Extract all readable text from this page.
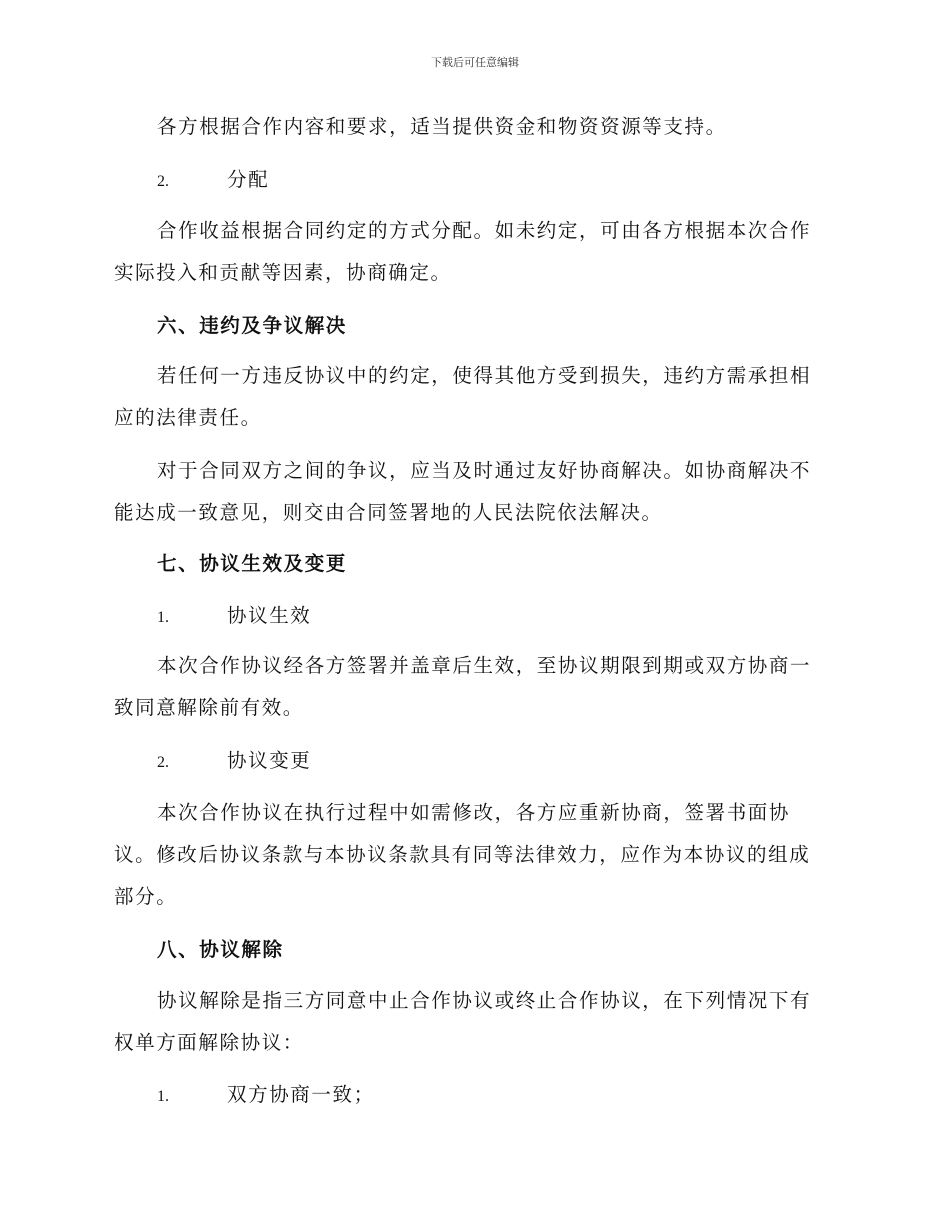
下载后可任意编辑
各方根据合作内容和要求，适当提供资金和物资资源等支持。
2.	分配
合作收益根据合同约定的方式分配。如未约定，可由各方根据本次合作实际投入和贡献等因素，协商确定。
六、违约及争议解决
若任何一方违反协议中的约定，使得其他方受到损失，违约方需承担相应的法律责任。
对于合同双方之间的争议，应当及时通过友好协商解决。如协商解决不能达成一致意见，则交由合同签署地的人民法院依法解决。
七、协议生效及变更
1.	协议生效
本次合作协议经各方签署并盖章后生效，至协议期限到期或双方协商一致同意解除前有效。
2.	协议变更
本次合作协议在执行过程中如需修改，各方应重新协商，签署书面协议。修改后协议条款与本协议条款具有同等法律效力，应作为本协议的组成部分。
八、协议解除
协议解除是指三方同意中止合作协议或终止合作协议，在下列情况下有权单方面解除协议：
1.	双方协商一致；
